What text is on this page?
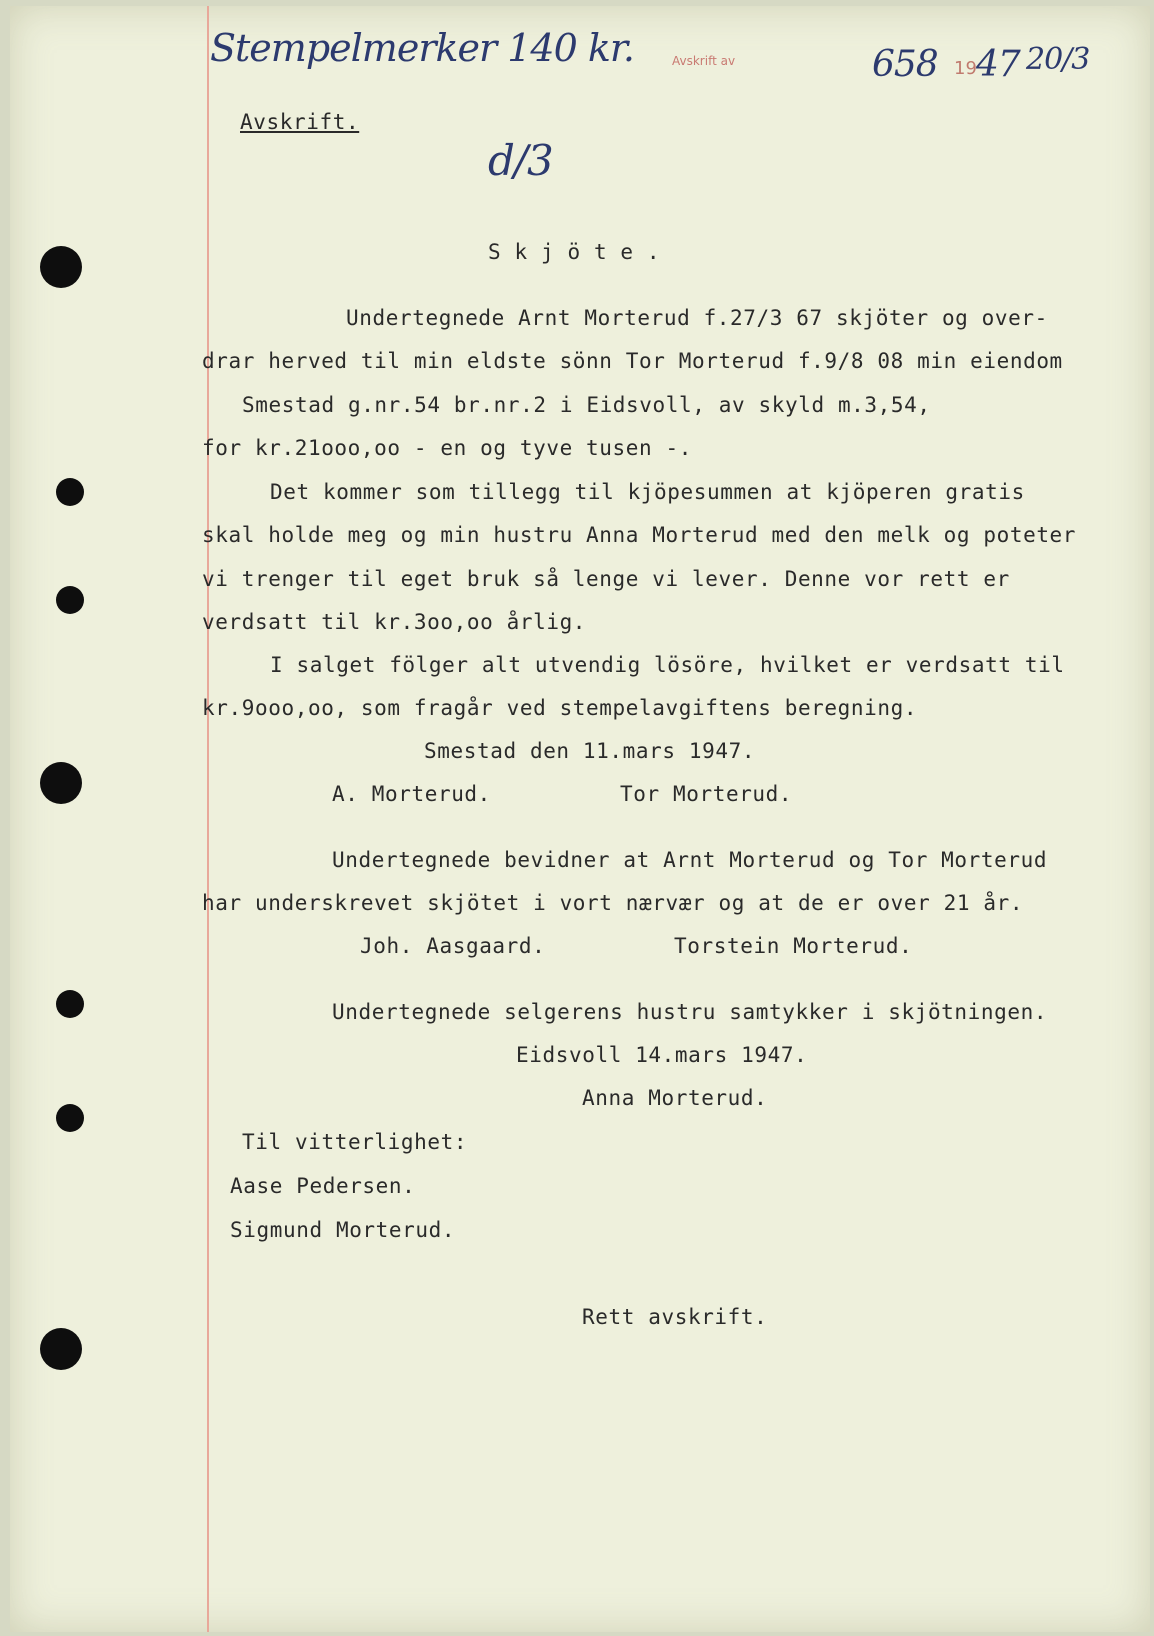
Stempelmerker 140 kr.	Avskrift av	658 19 47 20/3
d/3
Avskrift.
S k j ö t e .
Undertegnede Arnt Morterud f.27/3 67 skjöter og over-
drar herved til min eldste sönn Tor Morterud f.9/8 08 min eiendom
Smestad g.nr.54 br.nr.2 i Eidsvoll, av skyld m.3,54,
for kr.21ooo,oo - en og tyve tusen -.
Det kommer som tillegg til kjöpesummen at kjöperen gratis
skal holde meg og min hustru Anna Morterud med den melk og poteter
vi trenger til eget bruk så lenge vi lever. Denne vor rett er
verdsatt til kr.3oo,oo årlig.
I salget fölger alt utvendig lösöre, hvilket er verdsatt til
kr.9ooo,oo, som fragår ved stempelavgiftens beregning.
Smestad den 11.mars 1947.
A. Morterud.	Tor Morterud.
Undertegnede bevidner at Arnt Morterud og Tor Morterud
har underskrevet skjötet i vort nærvær og at de er over 21 år.
Joh. Aasgaard.	Torstein Morterud.
Undertegnede selgerens hustru samtykker i skjötningen.
Eidsvoll 14.mars 1947.
Anna Morterud.
Til vitterlighet:
Aase Pedersen.
Sigmund Morterud.
Rett avskrift.
